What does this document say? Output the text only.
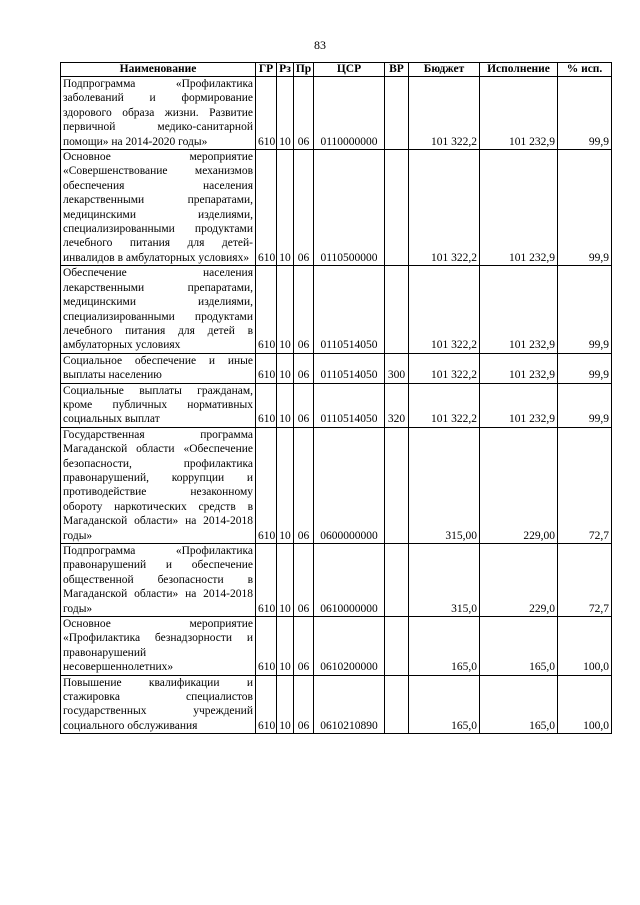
83
Наименование	ГР	Рз	Пр	ЦСР	ВР	Бюджет	Исполнение	% исп.
Подпрограмма «Профилактика заболеваний и формирование здорового образа жизни. Развитие первичной медико-санитарной помощи» на 2014-2020 годы»	610	10	06	0110000000		101 322,2	101 232,9	99,9
Основное мероприятие «Совершенствование механизмов обеспечения населения лекарственными препаратами, медицинскими изделиями, специализированными продуктами лечебного питания для детей-инвалидов в амбулаторных условиях»	610	10	06	0110500000		101 322,2	101 232,9	99,9
Обеспечение населения лекарственными препаратами, медицинскими изделиями, специализированными продуктами лечебного питания для детей в амбулаторных условиях	610	10	06	0110514050		101 322,2	101 232,9	99,9
Социальное обеспечение и иные выплаты населению	610	10	06	0110514050	300	101 322,2	101 232,9	99,9
Социальные выплаты гражданам, кроме публичных нормативных социальных выплат	610	10	06	0110514050	320	101 322,2	101 232,9	99,9
Государственная программа Магаданской области «Обеспечение безопасности, профилактика правонарушений, коррупции и противодействие незаконному обороту наркотических средств в Магаданской области» на 2014-2018 годы»	610	10	06	0600000000		315,00	229,00	72,7
Подпрограмма «Профилактика правонарушений и обеспечение общественной безопасности в Магаданской области» на 2014-2018 годы»	610	10	06	0610000000		315,0	229,0	72,7
Основное мероприятие «Профилактика безнадзорности и правонарушений несовершеннолетних»	610	10	06	0610200000		165,0	165,0	100,0
Повышение квалификации и стажировка специалистов государственных учреждений социального обслуживания	610	10	06	0610210890		165,0	165,0	100,0
